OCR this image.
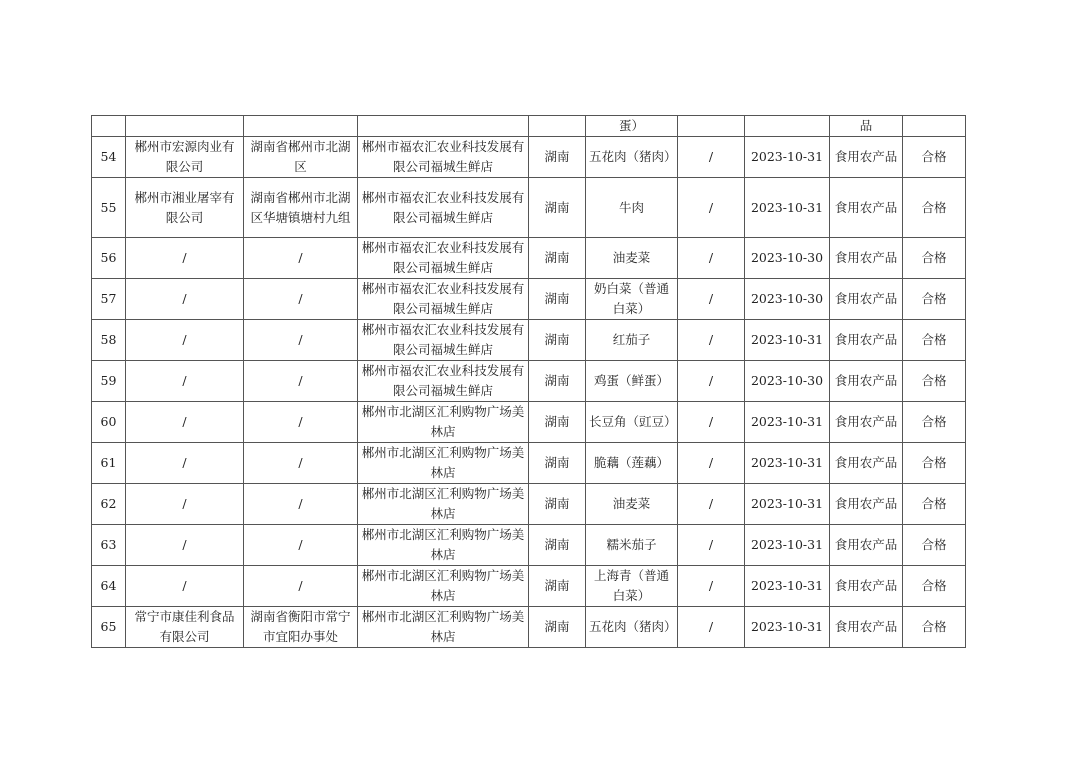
					蛋）			品	
54	郴州市宏源肉业有限公司	湖南省郴州市北湖区	郴州市福农汇农业科技发展有限公司福城生鲜店	湖南	五花肉（猪肉）	/	2023-10-31	食用农产品	合格
55	郴州市湘业屠宰有限公司	湖南省郴州市北湖区华塘镇塘村九组	郴州市福农汇农业科技发展有限公司福城生鲜店	湖南	牛肉	/	2023-10-31	食用农产品	合格
56	/	/	郴州市福农汇农业科技发展有限公司福城生鲜店	湖南	油麦菜	/	2023-10-30	食用农产品	合格
57	/	/	郴州市福农汇农业科技发展有限公司福城生鲜店	湖南	奶白菜（普通白菜）	/	2023-10-30	食用农产品	合格
58	/	/	郴州市福农汇农业科技发展有限公司福城生鲜店	湖南	红茄子	/	2023-10-31	食用农产品	合格
59	/	/	郴州市福农汇农业科技发展有限公司福城生鲜店	湖南	鸡蛋（鲜蛋）	/	2023-10-30	食用农产品	合格
60	/	/	郴州市北湖区汇利购物广场美林店	湖南	长豆角（豇豆）	/	2023-10-31	食用农产品	合格
61	/	/	郴州市北湖区汇利购物广场美林店	湖南	脆藕（莲藕）	/	2023-10-31	食用农产品	合格
62	/	/	郴州市北湖区汇利购物广场美林店	湖南	油麦菜	/	2023-10-31	食用农产品	合格
63	/	/	郴州市北湖区汇利购物广场美林店	湖南	糯米茄子	/	2023-10-31	食用农产品	合格
64	/	/	郴州市北湖区汇利购物广场美林店	湖南	上海青（普通白菜）	/	2023-10-31	食用农产品	合格
65	常宁市康佳利食品有限公司	湖南省衡阳市常宁市宜阳办事处	郴州市北湖区汇利购物广场美林店	湖南	五花肉（猪肉）	/	2023-10-31	食用农产品	合格
